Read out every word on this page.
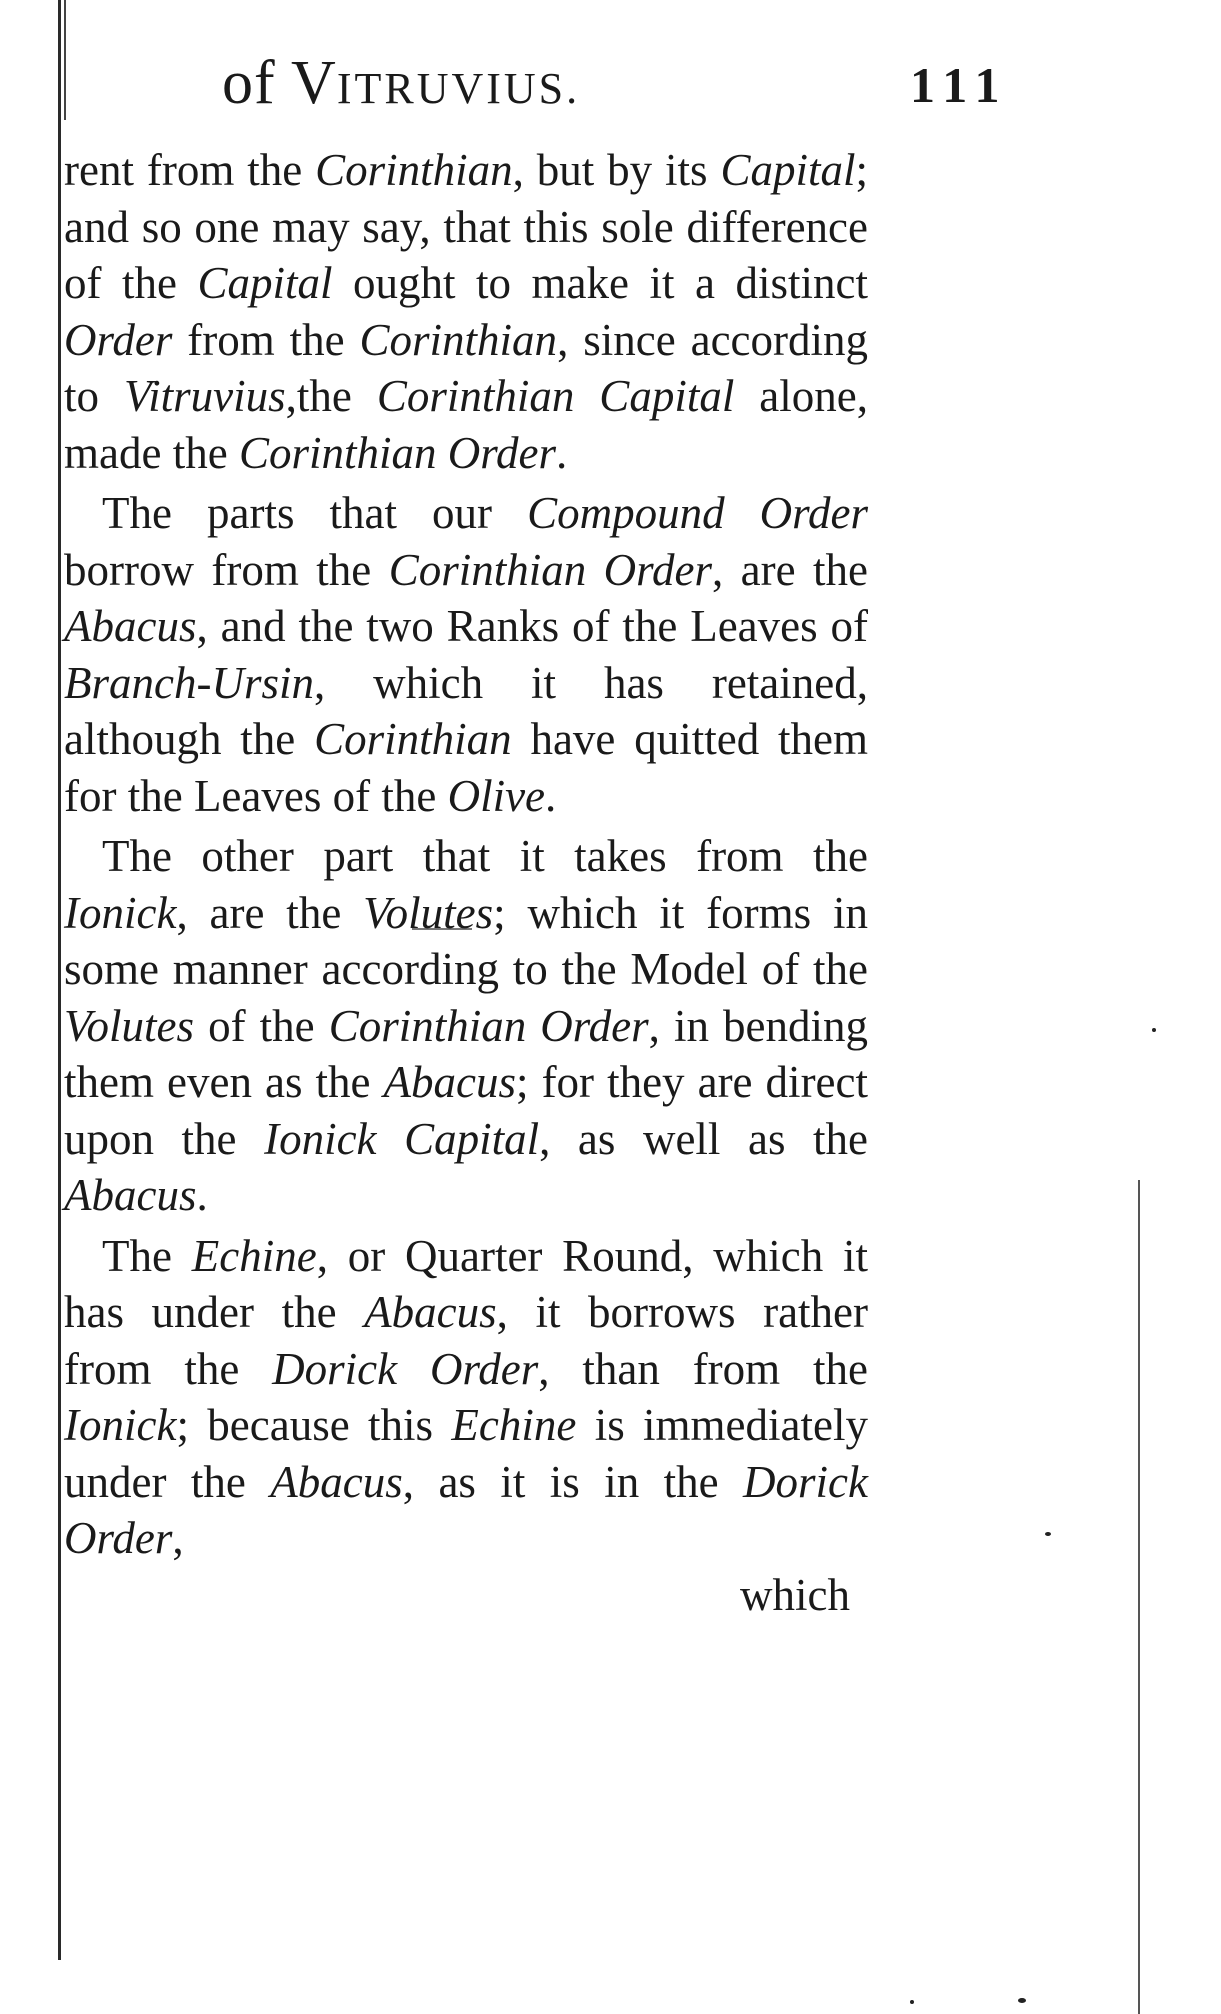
of VITRUVIUS.	111

rent from the Corinthian, but by its Capital; and so one may say, that this sole difference of the Capital ought to make it a distinct Order from the Corinthian, since according to Vitruvius,the Corinthian Capital alone, made the Corinthian Order.

The parts that our Compound Order borrow from the Corinthian Order, are the Abacus, and the two Ranks of the Leaves of Branch-Ursin, which it has retained, although the Corinthian have quitted them for the Leaves of the Olive.

The other part that it takes from the Ionick, are the Volutes; which it forms in some manner according to the Model of the Volutes of the Corinthian Order, in bending them even as the Abacus; for they are direct upon the Ionick Capital, as well as the Abacus.

The Echine, or Quarter Round, which it has under the Abacus, it borrows rather from the Dorick Order, than from the Ionick; because this Echine is immediately under the Abacus, as it is in the Dorick Order,

which
